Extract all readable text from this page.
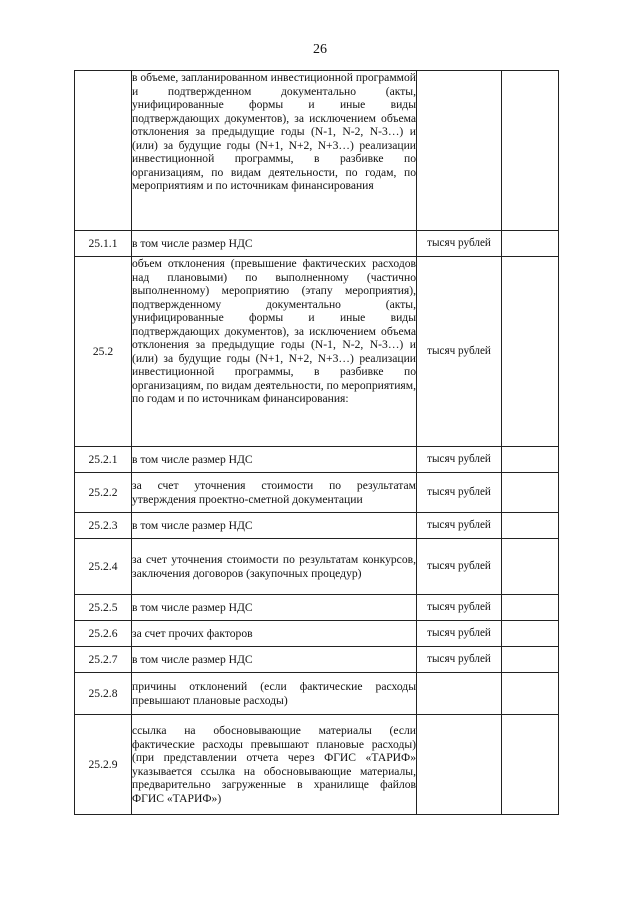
26
	в объеме, запланированном инвестиционной программой и подтвержденном документально (акты, унифицированные формы и иные виды подтверждающих документов), за исключением объема отклонения за предыдущие годы (N-1, N-2, N-3…) и (или) за будущие годы (N+1, N+2, N+3…) реализации инвестиционной программы, в разбивке по организациям, по видам деятельности, по годам, по мероприятиям и по источникам финансирования		
25.1.1	в том числе размер НДС	тысяч рублей	
25.2	объем отклонения (превышение фактических расходов над плановыми) по выполненному (частично выполненному) мероприятию (этапу мероприятия), подтвержденному документально (акты, унифицированные формы и иные виды подтверждающих документов), за исключением объема отклонения за предыдущие годы (N-1, N-2, N-3…) и (или) за будущие годы (N+1, N+2, N+3…) реализации инвестиционной программы, в разбивке по организациям, по видам деятельности, по мероприятиям, по годам и по источникам финансирования:	тысяч рублей	
25.2.1	в том числе размер НДС	тысяч рублей	
25.2.2	за счет уточнения стоимости по результатам утверждения проектно-сметной документации	тысяч рублей	
25.2.3	в том числе размер НДС	тысяч рублей	
25.2.4	за счет уточнения стоимости по результатам конкурсов, заключения договоров (закупочных процедур)	тысяч рублей	
25.2.5	в том числе размер НДС	тысяч рублей	
25.2.6	за счет прочих факторов	тысяч рублей	
25.2.7	в том числе размер НДС	тысяч рублей	
25.2.8	причины отклонений (если фактические расходы превышают плановые расходы)		
25.2.9	ссылка на обосновывающие материалы (если фактические расходы превышают плановые расходы) (при представлении отчета через ФГИС «ТАРИФ» указывается ссылка на обосновывающие материалы, предварительно загруженные в хранилище файлов ФГИС «ТАРИФ»)		
